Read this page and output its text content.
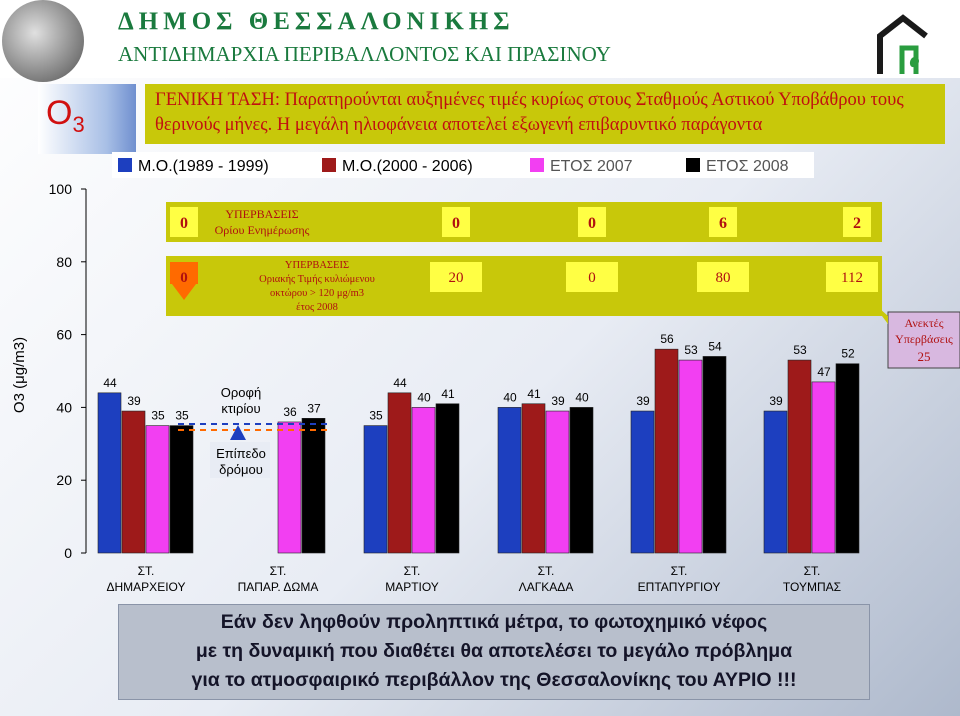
ΔΗΜΟΣ ΘΕΣΣΑΛΟΝΙΚΗΣ
ΑΝΤΙΔΗΜΑΡΧΙΑ ΠΕΡΙΒΑΛΛΟΝΤΟΣ ΚΑΙ ΠΡΑΣΙΝΟΥ
$O_3$
ΓΕΝΙΚΗ ΤΑΣΗ: Παρατηρούνται αυξημένες τιμές κυρίως στους Σταθμούς Αστικού Υποβάθρου τους θερινούς μήνες. Η μεγάλη ηλιοφάνεια αποτελεί εξωγενή επιβαρυντικό παράγοντα
Μ.Ο.(1989 - 1999)	Μ.Ο.(2000 - 2006)	ΕΤΟΣ 2007	ΕΤΟΣ 2008
0
20
40
60
80
100
O3 (μg/m3)	44
35
40	39	39
39
44
41
56
53
35	36
40	39
53
47
35
37
41	40
54
52
ΣΤ.
ΔΗΜΑΡΧΕΙΟΥ
ΣΤ.
ΠΑΠΑΡ. ΔΩΜΑ
ΣΤ.
ΜΑΡΤΙΟΥ
ΣΤ.
ΛΑΓΚΑΔΑ
ΣΤ.
ΕΠΤΑΠΥΡΓΙΟΥ
ΣΤ.
ΤΟΥΜΠΑΣ
0	0	0	6	2
ΥΠΕΡΒΑΣΕΙΣ
Ορίου Ενημέρωσης
0	20	0	80	112
ΥΠΕΡΒΑΣΕΙΣ
Οριακής Τιμής κυλιώμενου
οκτώρου > 120 μg/m3
έτος 2008
Οροφή
κτιρίου
Επίπεδο
δρόμου
Ανεκτές
Υπερβάσεις
25
Εάν δεν ληφθούν προληπτικά μέτρα, το φωτοχημικό νέφος
με τη δυναμική που διαθέτει θα αποτελέσει το μεγάλο πρόβλημα
για το ατμοσφαιρικό περιβάλλον της Θεσσαλονίκης του ΑΥΡΙΟ !!!
